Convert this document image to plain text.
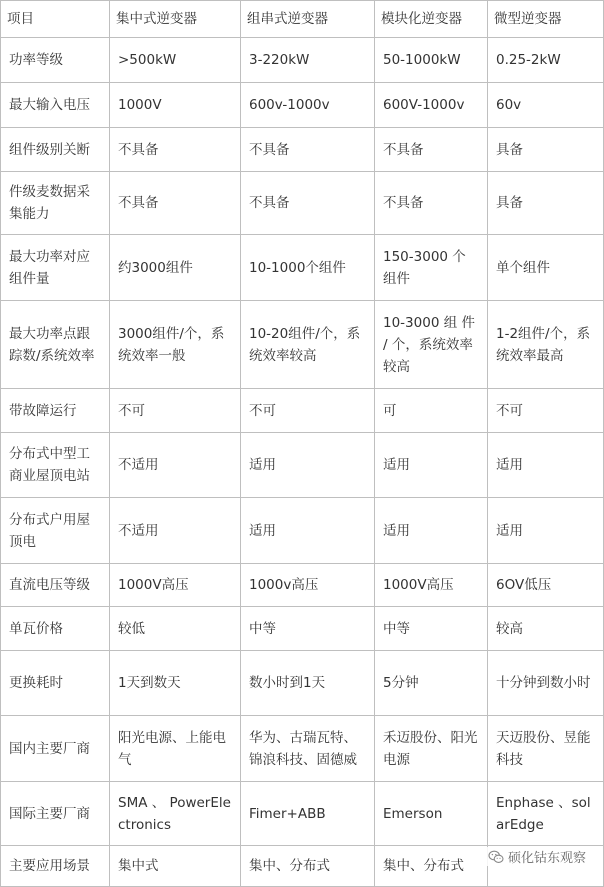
项目	集中式逆变器	组串式逆变器	模块化逆变器	微型逆变器
功率等级	>500kW	3-220kW	50-1000kW	0.25-2kW
最大输入电压	1000V	600v-1000v	600V-1000v	60v
组件级别关断	不具备	不具备	不具备	具备
件级麦数据采集能力	不具备	不具备	不具备	具备
最大功率对应组件量	约3000组件	10-1000个组件	150-3000 个 组件	单个组件
最大功率点跟踪数/系统效率	3000组件/个，系统效率一般	10-20组件/个，系统效率较高	10-3000 组 件 / 个，系统效率较高	1-2组件/个，系统效率最高
带故障运行	不可	不可	可	不可
分布式中型工商业屋顶电站	不适用	适用	适用	适用
分布式户用屋顶电	不适用	适用	适用	适用
直流电压等级	1000V高压	1000v高压	1000V高压	6OV低压
单瓦价格	较低	中等	中等	较高
更换耗时	1天到数天	数小时到1天	5分钟	十分钟到数小时
国内主要厂商	阳光电源、上能电气	华为、古瑞瓦特、锦浪科技、固德威	禾迈股份、阳光电源	天迈股份、昱能科技
国际主要厂商	SMA 、 PowerElectronics	Fimer+ABB	Emerson	Enphase 、solarEdge
主要应用场景	集中式	集中、分布式	集中、分布式		硕化钴东观察
